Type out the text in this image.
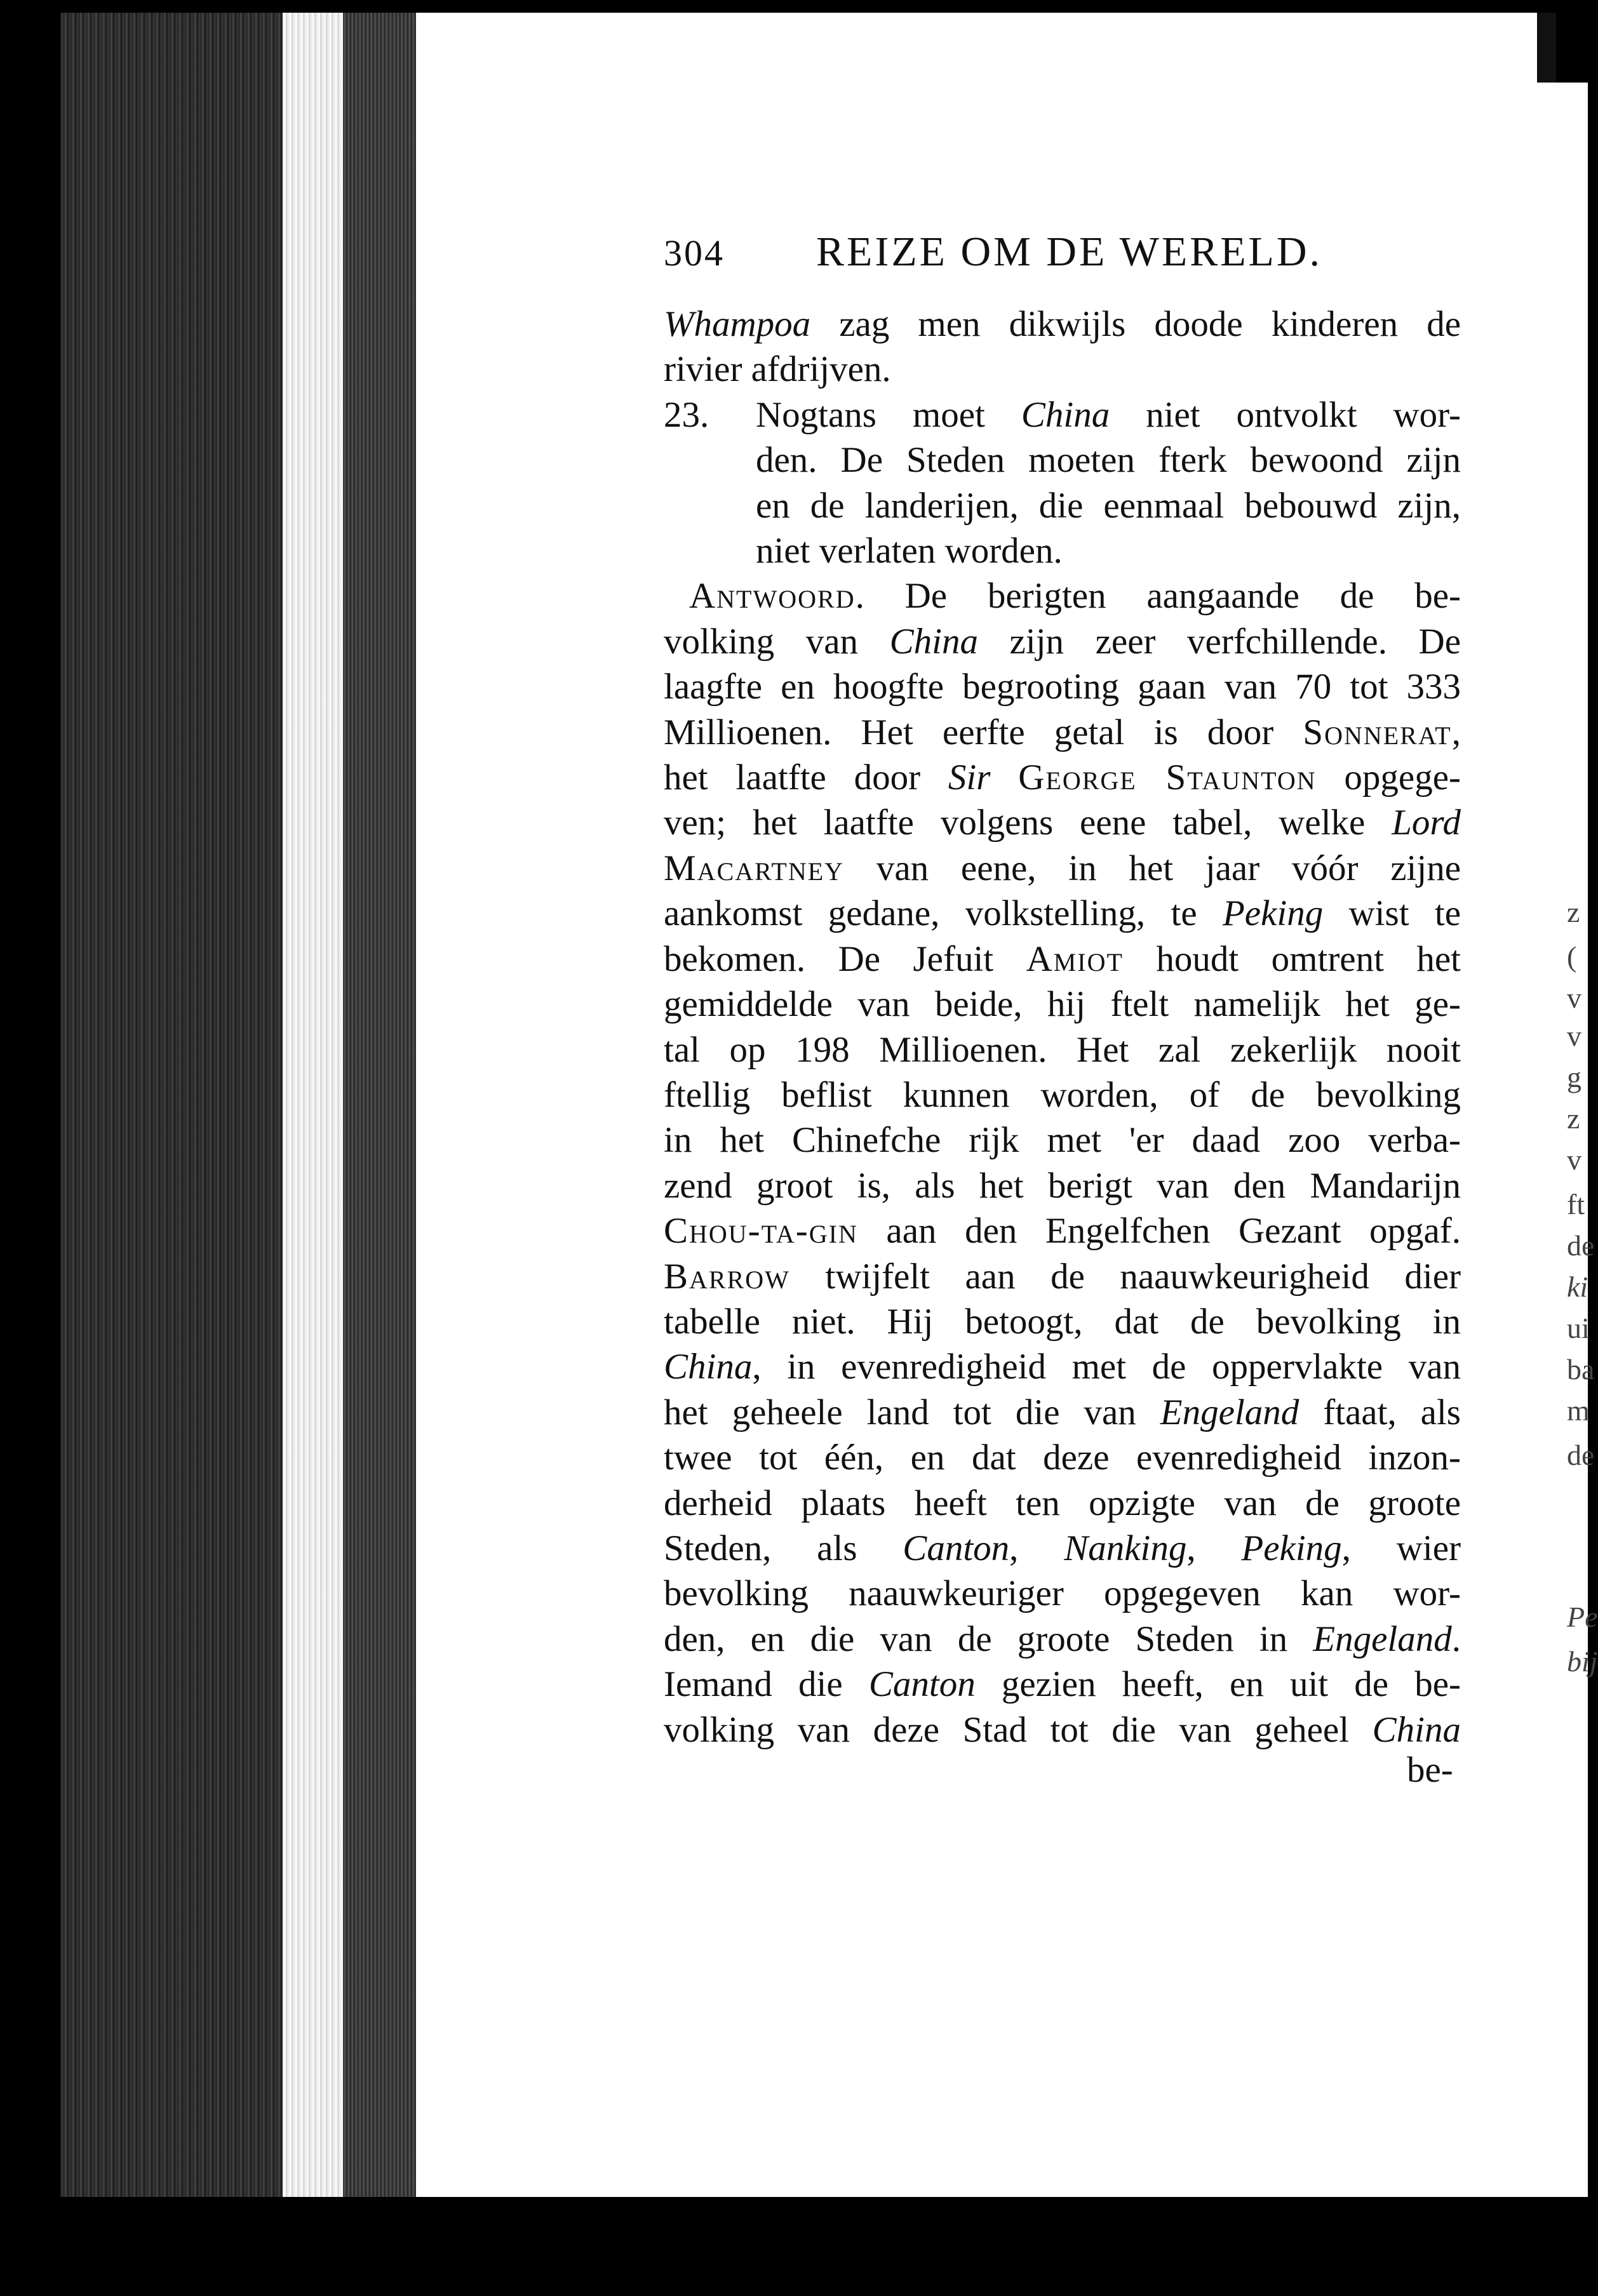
z
(
v
v
g
z
v
ft
de
ki
ui
ba
m
de
Pe
bij
304 REIZE OM DE WERELD.
Whampoa zag men dikwijls doode kinderen de
rivier afdrijven.
23. Nogtans moet China niet ontvolkt wor-
den. De Steden moeten fterk bewoond zijn
en de landerijen, die eenmaal bebouwd zijn,
niet verlaten worden.
Antwoord. De berigten aangaande de be-
volking van China zijn zeer verfchillende. De
laagfte en hoogfte begrooting gaan van 70 tot 333
Millioenen. Het eerfte getal is door Sonnerat,
het laatfte door Sir George Staunton opgege-
ven; het laatfte volgens eene tabel, welke Lord
Macartney van eene, in het jaar vóór zijne
aankomst gedane, volkstelling, te Peking wist te
bekomen. De Jefuit Amiot houdt omtrent het
gemiddelde van beide, hij ftelt namelijk het ge-
tal op 198 Millioenen. Het zal zekerlijk nooit
ftellig beflist kunnen worden, of de bevolking
in het Chinefche rijk met 'er daad zoo verba-
zend groot is, als het berigt van den Mandarijn
Chou-ta-gin aan den Engelfchen Gezant opgaf.
Barrow twijfelt aan de naauwkeurigheid dier
tabelle niet. Hij betoogt, dat de bevolking in
China, in evenredigheid met de oppervlakte van
het geheele land tot die van Engeland ftaat, als
twee tot één, en dat deze evenredigheid inzon-
derheid plaats heeft ten opzigte van de groote
Steden, als Canton, Nanking, Peking, wier
bevolking naauwkeuriger opgegeven kan wor-
den, en die van de groote Steden in Engeland.
Iemand die Canton gezien heeft, en uit de be-
volking van deze Stad tot die van geheel China
be-
